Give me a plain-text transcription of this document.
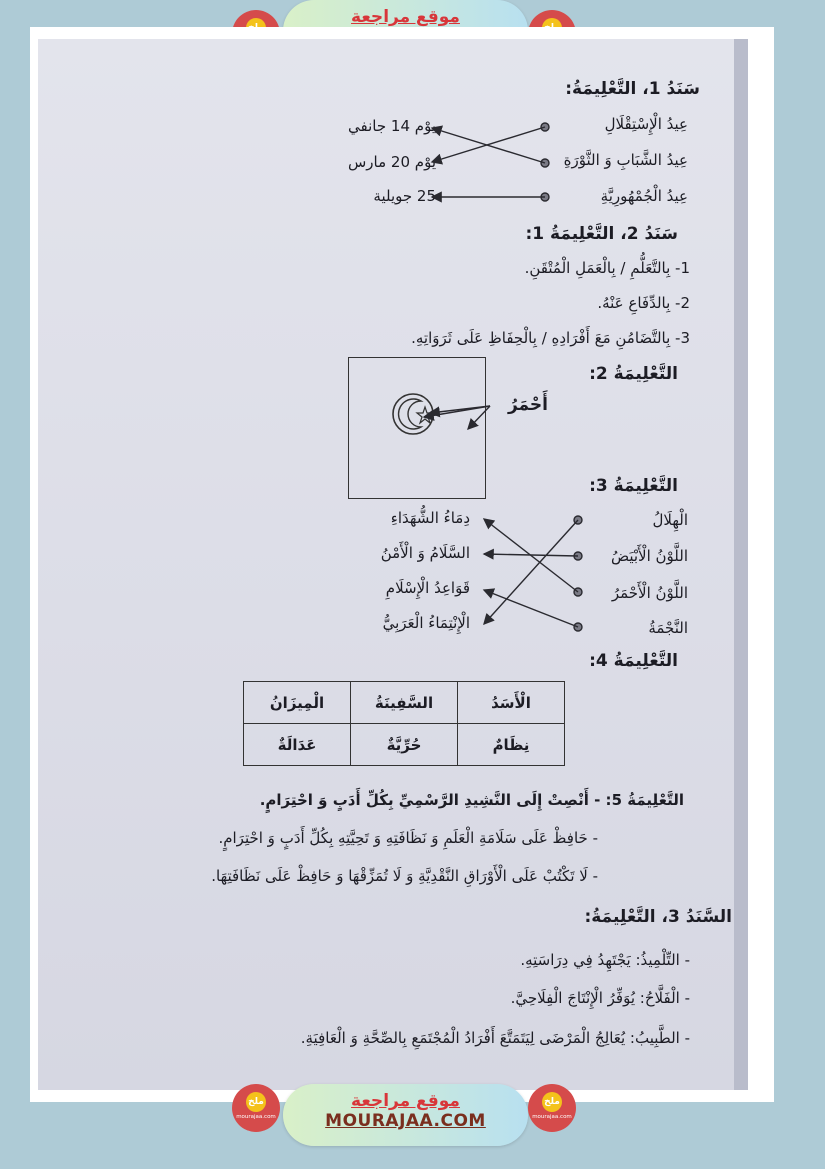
موقع مراجعة
سَنَدُ 1، التَّعْلِيمَةُ:
عِيدُ الْإِسْتِقْلَالِ
عِيدُ الشَّبَابِ وَ الثَّوْرَةِ
عِيدُ الْجُمْهُورِيَّةِ
يوْم 14 جانفي
يوْم 20 مارس
25 جويلية
سَنَدُ 2، التَّعْلِيمَةُ 1:
1- بِالتَّعَلُّمِ / بِالْعَمَلِ الْمُتْقَنِ.
2- بِالدِّفَاعِ عَنْهُ.
3- بِالتَّضَامُنِ مَعَ أَفْرَادِهِ / بِالْحِفَاظِ عَلَى ثَرَوَاتِهِ.
التَّعْلِيمَةُ 2:
أَحْمَرُ
التَّعْلِيمَةُ 3:
الْهِلَالُ
اللَّوْنُ الْأَبْيَضُ
اللَّوْنُ الْأَحْمَرُ
النَّجْمَةُ
دِمَاءُ الشُّهَدَاءِ
السَّلَامُ وَ الْأَمْنُ
قَوَاعِدُ الْإِسْلَامِ
الْإِنْتِمَاءُ الْعَرَبِيُّ
التَّعْلِيمَةُ 4:
الْأَسَدُ	السَّفِينَةُ	الْمِيزَانُ
نِظَامٌ	حُرِّيَّةٌ	عَدَالَةٌ
التَّعْلِيمَةُ 5: - أَنْصِتْ إِلَى النَّشِيدِ الرَّسْمِيِّ بِكُلِّ أَدَبٍ وَ احْتِرَامٍ.
- حَافِظْ عَلَى سَلَامَةِ الْعَلَمِ وَ نَظَافَتِهِ وَ تَحِيَّتِهِ بِكُلِّ أَدَبٍ وَ احْتِرَامٍ.
- لَا تَكْتُبْ عَلَى الْأَوْرَاقِ النَّقْدِيَّةِ وَ لَا تُمَزِّقْهَا وَ حَافِظْ عَلَى نَظَافَتِهَا.
السَّنَدُ 3، التَّعْلِيمَةُ:
- التِّلْمِيذُ: يَجْتَهِدُ فِي دِرَاسَتِهِ.
- الْفَلَّاحُ: يُوَفِّرُ الْإِنْتَاجَ الْفِلَاحِيَّ.
- الطَّبِيبُ: يُعَالِجُ الْمَرْضَى لِيَتَمَتَّعَ أَفْرَادُ الْمُجْتَمَعِ بِالصِّحَّةِ وَ الْعَافِيَةِ.
ملخ
mourajaa.com
موقع مراجعة
MOURAJAA.COM
ملخ
mourajaa.com
